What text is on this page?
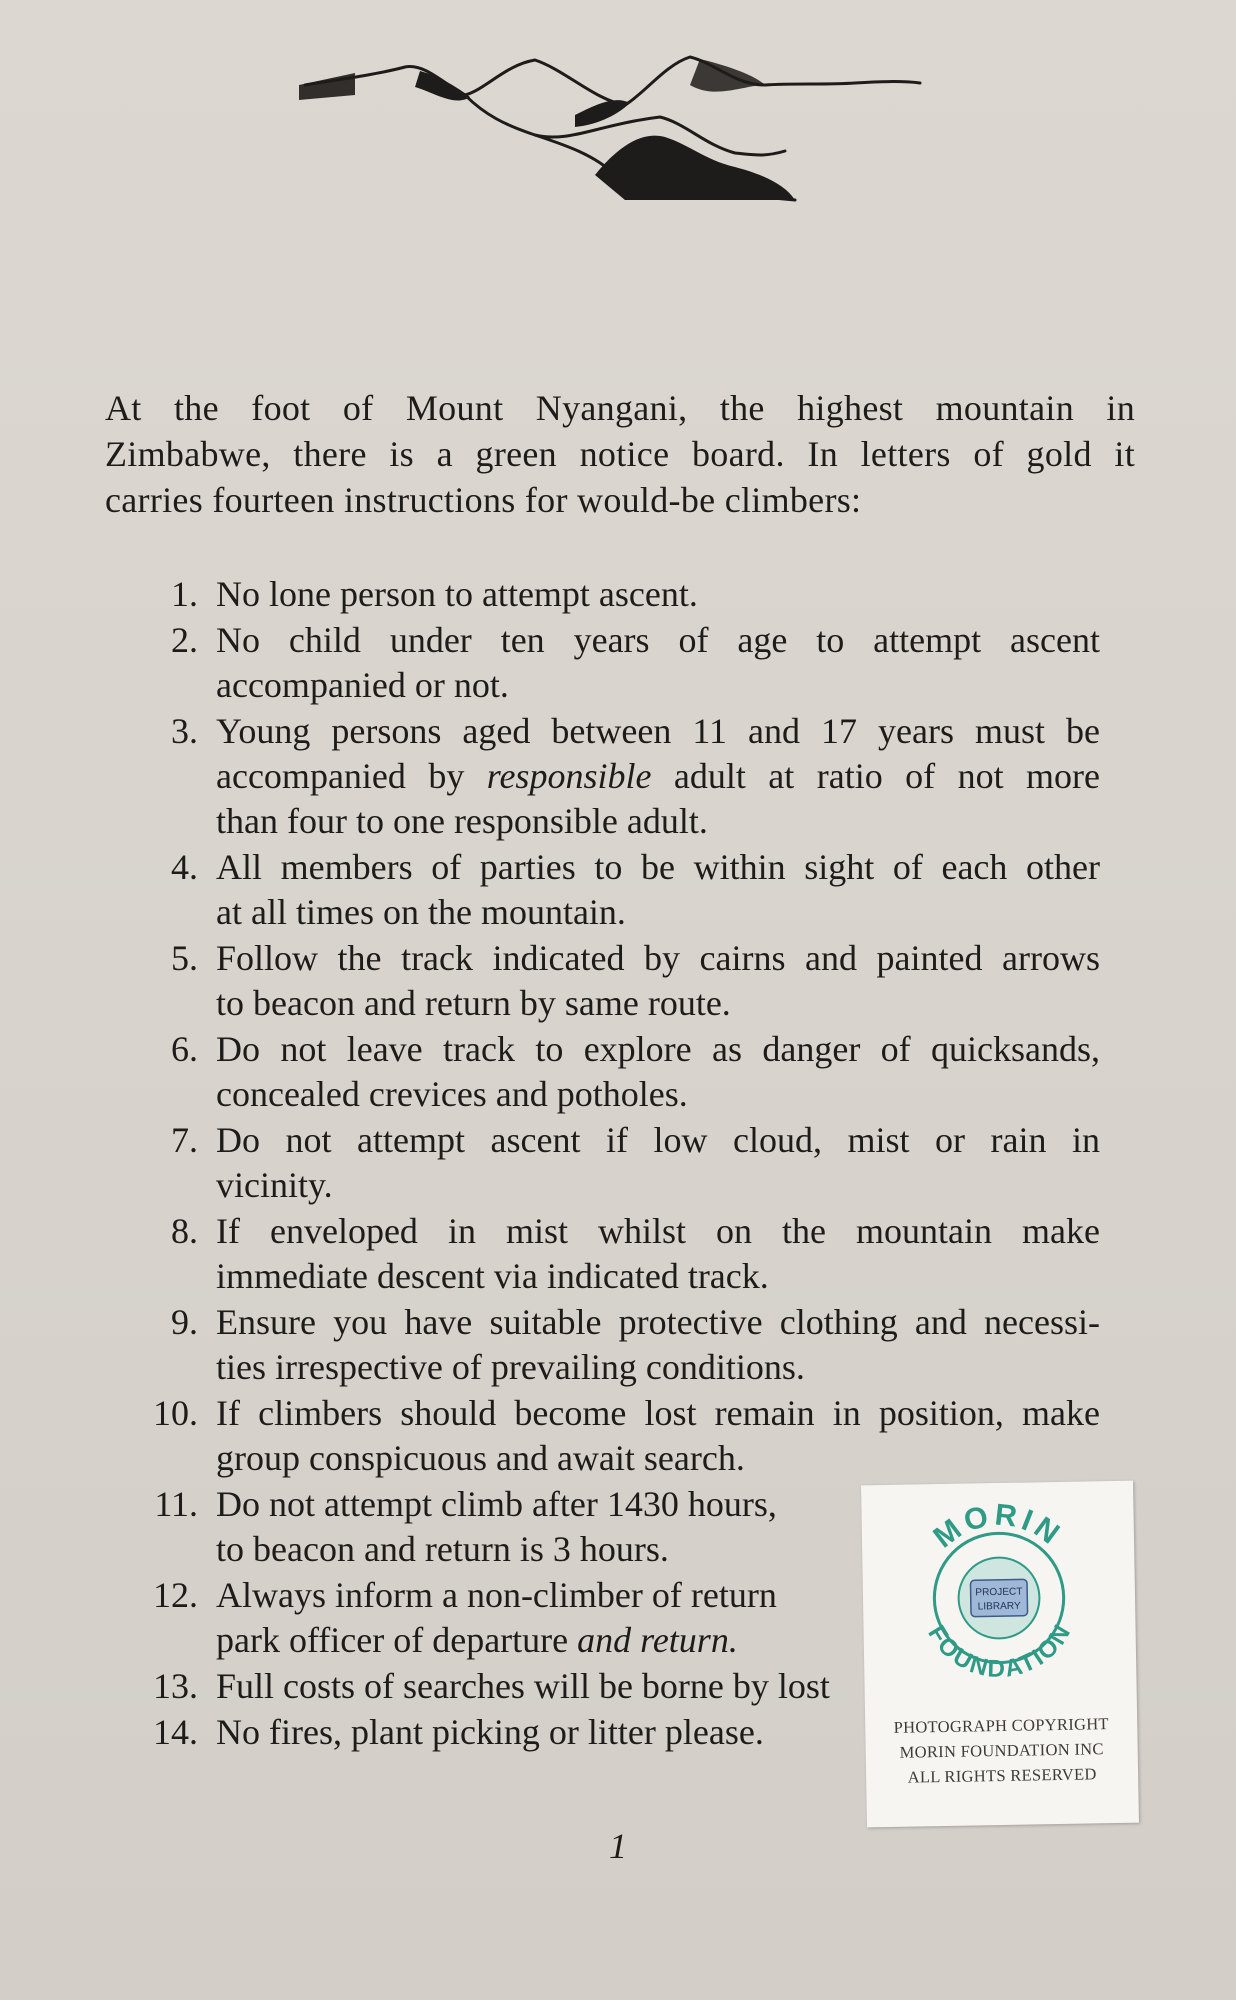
At the foot of Mount Nyangani, the highest mountain in
Zimbabwe, there is a green notice board. In letters of gold it
carries fourteen instructions for would-be climbers:
1. No lone person to attempt ascent.
2. No child under ten years of age to attempt ascent
accompanied or not.
3. Young persons aged between 11 and 17 years must be
accompanied by responsible adult at ratio of not more
than four to one responsible adult.
4. All members of parties to be within sight of each other
at all times on the mountain.
5. Follow the track indicated by cairns and painted arrows
to beacon and return by same route.
6. Do not leave track to explore as danger of quicksands,
concealed crevices and potholes.
7. Do not attempt ascent if low cloud, mist or rain in
vicinity.
8. If enveloped in mist whilst on the mountain make
immediate descent via indicated track.
9. Ensure you have suitable protective clothing and necessi-
ties irrespective of prevailing conditions.
10. If climbers should become lost remain in position, make
group conspicuous and await search.
11. Do not attempt climb after 1430 hours,
to beacon and return is 3 hours.
12. Always inform a non-climber of return
park officer of departure and return.
13. Full costs of searches will be borne by lost
14. No fires, plant picking or litter please.
1
PROJECT
LIBRARY
MORIN
FOUNDATION
PHOTOGRAPH COPYRIGHT
MORIN FOUNDATION INC
ALL RIGHTS RESERVED
